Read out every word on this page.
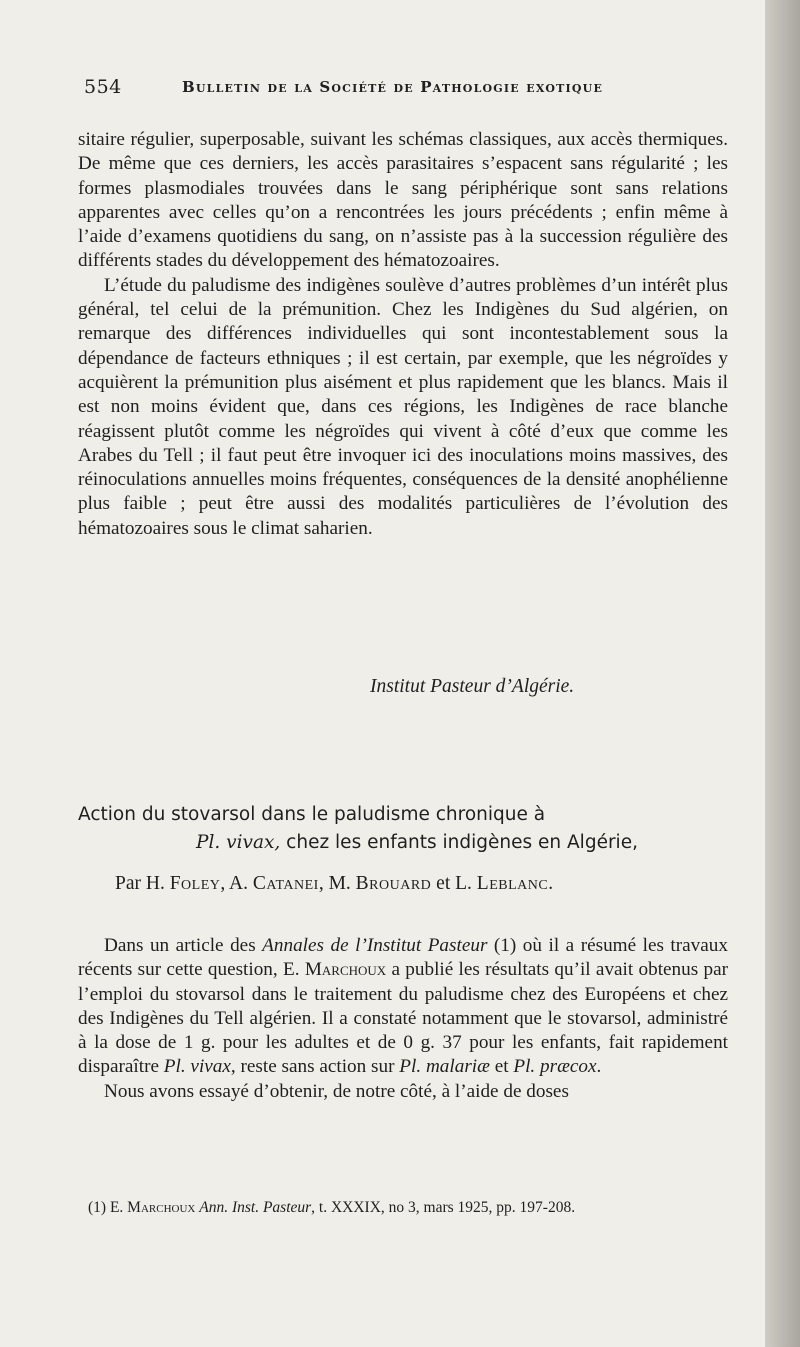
554	Bulletin de la Société de Pathologie exotique

sitaire régulier, superposable, suivant les schémas classiques, aux accès thermiques. De même que ces derniers, les accès parasitaires s’espacent sans régularité ; les formes plasmodiales trouvées dans le sang périphérique sont sans relations apparentes avec celles qu’on a rencontrées les jours précédents ; enfin même à l’aide d’examens quotidiens du sang, on n’assiste pas à la succession régulière des différents stades du développement des hématozoaires.

L’étude du paludisme des indigènes soulève d’autres problèmes d’un intérêt plus général, tel celui de la prémunition. Chez les Indigènes du Sud algérien, on remarque des différences individuelles qui sont incontestablement sous la dépendance de facteurs ethniques ; il est certain, par exemple, que les négroïdes y acquièrent la prémunition plus aisément et plus rapidement que les blancs. Mais il est non moins évident que, dans ces régions, les Indigènes de race blanche réagissent plutôt comme les négroïdes qui vivent à côté d’eux que comme les Arabes du Tell ; il faut peut être invoquer ici des inoculations moins massives, des réinoculations annuelles moins fréquentes, conséquences de la densité anophélienne plus faible ; peut être aussi des modalités particulières de l’évolution des hématozoaires sous le climat saharien.

Institut Pasteur d’Algérie.
Action du stovarsol dans le paludisme chronique à
Pl. vivax, chez les enfants indigènes en Algérie,
Par H. Foley, A. Catanei, M. Brouard et L. Leblanc.

Dans un article des Annales de l’Institut Pasteur (1) où il a résumé les travaux récents sur cette question, E. Marchoux a publié les résultats qu’il avait obtenus par l’emploi du stovarsol dans le traitement du paludisme chez des Européens et chez des Indigènes du Tell algérien. Il a constaté notamment que le stovarsol, administré à la dose de 1 g. pour les adultes et de 0 g. 37 pour les enfants, fait rapidement disparaître Pl. vivax, reste sans action sur Pl. malariæ et Pl. præcox.

Nous avons essayé d’obtenir, de notre côté, à l’aide de doses

(1) E. Marchoux Ann. Inst. Pasteur, t. XXXIX, no 3, mars 1925, pp. 197-208.
